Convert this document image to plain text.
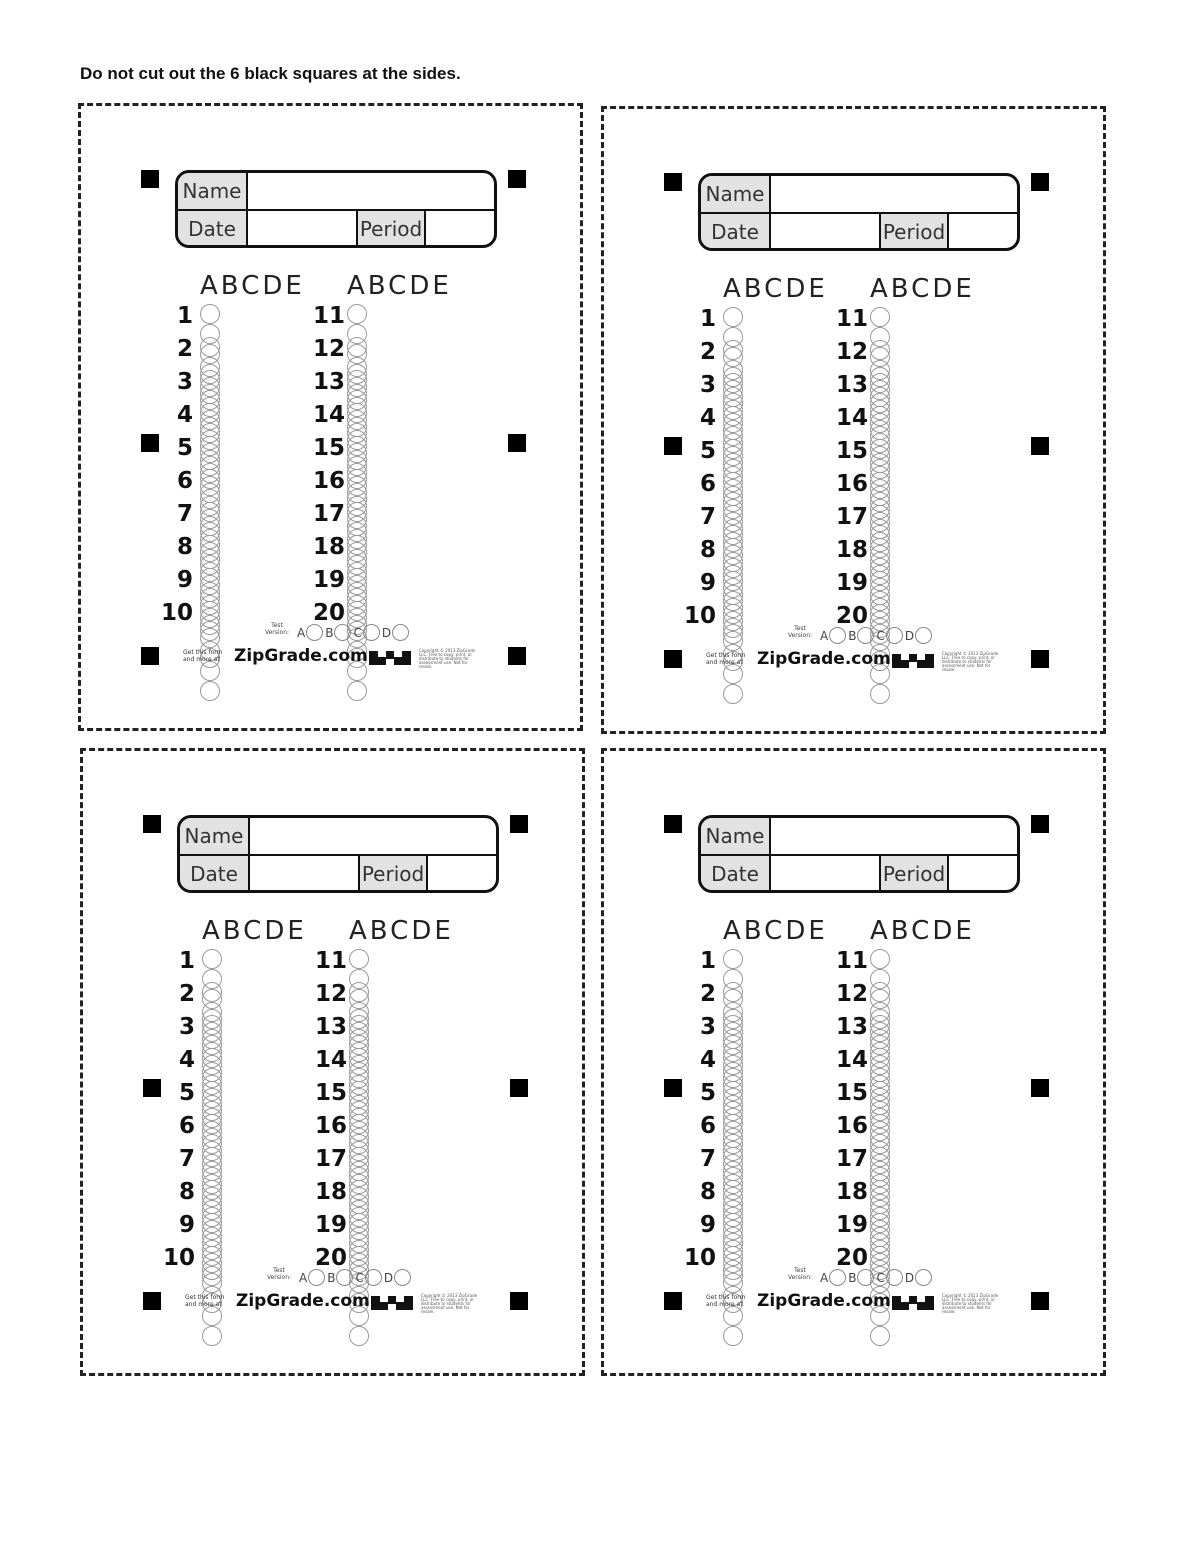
Do not cut out the 6 black squares at the sides.
Name
Date	Period
ABCDE
1
2
3
4
5
6
7
8
9
10
ABCDE
11
12
13
14
15
16
17
18
19
20
Test Version: A B C D
Get this form and more at ZipGrade.com	Copyright © 2013 ZipGrade LLC. Free to copy, print, or distribute to students for assessment use. Not for resale.
Name
Date	Period
ABCDE
1
2
3
4
5
6
7
8
9
10
ABCDE
11
12
13
14
15
16
17
18
19
20
Test Version: A B C D
Get this form and more at ZipGrade.com	Copyright © 2013 ZipGrade LLC. Free to copy, print, or distribute to students for assessment use. Not for resale.
Name
Date	Period
ABCDE
1
2
3
4
5
6
7
8
9
10
ABCDE
11
12
13
14
15
16
17
18
19
20
Test Version: A B C D
Get this form and more at ZipGrade.com	Copyright © 2013 ZipGrade LLC. Free to copy, print, or distribute to students for assessment use. Not for resale.
Name
Date	Period
ABCDE
1
2
3
4
5
6
7
8
9
10
ABCDE
11
12
13
14
15
16
17
18
19
20
Test Version: A B C D
Get this form and more at ZipGrade.com	Copyright © 2013 ZipGrade LLC. Free to copy, print, or distribute to students for assessment use. Not for resale.
